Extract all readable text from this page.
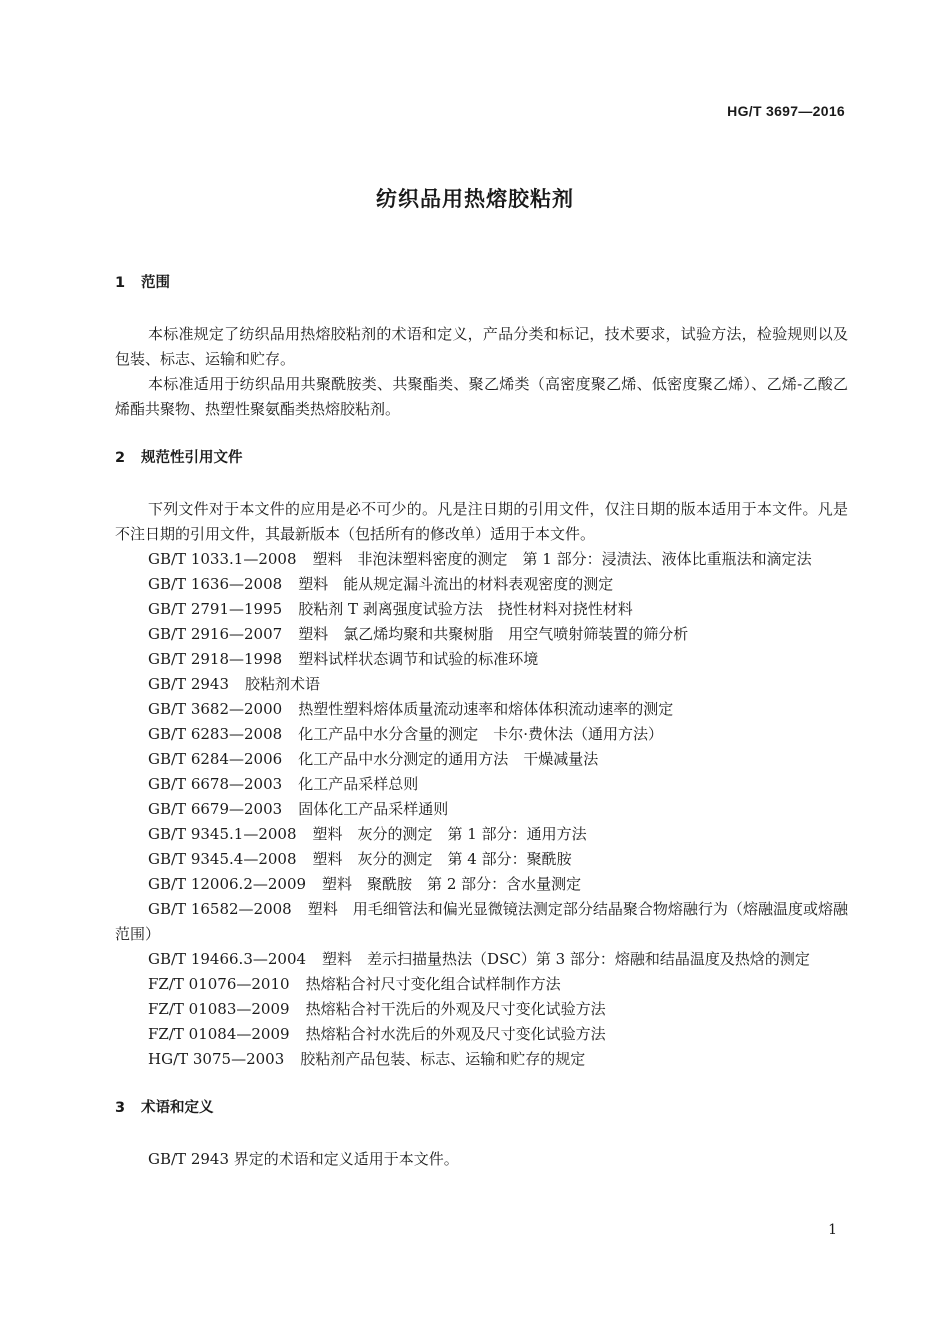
HG/T 3697—2016
纺织品用热熔胶粘剂
1 范围
本标准规定了纺织品用热熔胶粘剂的术语和定义，产品分类和标记，技术要求，试验方法，检验规则以及包装、标志、运输和贮存。
本标准适用于纺织品用共聚酰胺类、共聚酯类、聚乙烯类（高密度聚乙烯、低密度聚乙烯）、乙烯-乙酸乙烯酯共聚物、热塑性聚氨酯类热熔胶粘剂。
2 规范性引用文件
下列文件对于本文件的应用是必不可少的。凡是注日期的引用文件，仅注日期的版本适用于本文件。凡是不注日期的引用文件，其最新版本（包括所有的修改单）适用于本文件。
GB/T 1033.1—2008 塑料　非泡沫塑料密度的测定　第 1 部分：浸渍法、液体比重瓶法和滴定法
GB/T 1636—2008 塑料　能从规定漏斗流出的材料表观密度的测定
GB/T 2791—1995 胶粘剂 T 剥离强度试验方法　挠性材料对挠性材料
GB/T 2916—2007 塑料　氯乙烯均聚和共聚树脂　用空气喷射筛装置的筛分析
GB/T 2918—1998 塑料试样状态调节和试验的标准环境
GB/T 2943 胶粘剂术语
GB/T 3682—2000 热塑性塑料熔体质量流动速率和熔体体积流动速率的测定
GB/T 6283—2008 化工产品中水分含量的测定　卡尔·费休法（通用方法）
GB/T 6284—2006 化工产品中水分测定的通用方法　干燥减量法
GB/T 6678—2003 化工产品采样总则
GB/T 6679—2003 固体化工产品采样通则
GB/T 9345.1—2008 塑料　灰分的测定　第 1 部分：通用方法
GB/T 9345.4—2008 塑料　灰分的测定　第 4 部分：聚酰胺
GB/T 12006.2—2009 塑料　聚酰胺　第 2 部分：含水量测定
GB/T 16582—2008 塑料　用毛细管法和偏光显微镜法测定部分结晶聚合物熔融行为（熔融温度或熔融范围）
GB/T 19466.3—2004 塑料　差示扫描量热法（DSC）第 3 部分：熔融和结晶温度及热焓的测定
FZ/T 01076—2010 热熔粘合衬尺寸变化组合试样制作方法
FZ/T 01083—2009 热熔粘合衬干洗后的外观及尺寸变化试验方法
FZ/T 01084—2009 热熔粘合衬水洗后的外观及尺寸变化试验方法
HG/T 3075—2003 胶粘剂产品包装、标志、运输和贮存的规定
3 术语和定义
GB/T 2943 界定的术语和定义适用于本文件。
1
